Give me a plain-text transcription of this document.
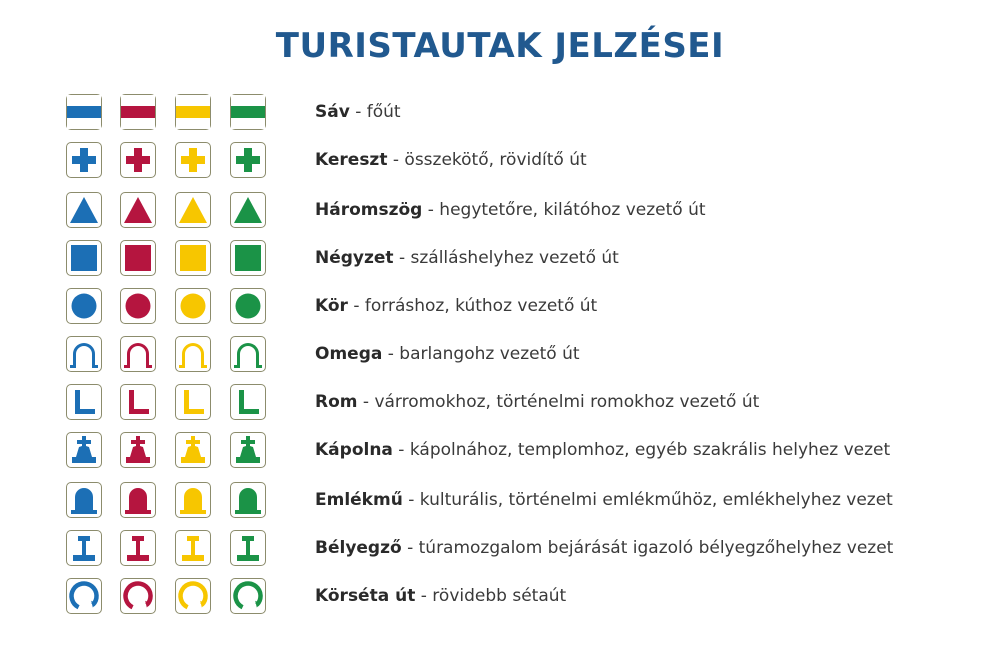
TURISTAUTAK JELZÉSEI
Sáv - főút
Kereszt - összekötő, rövidítő út
Háromszög - hegytetőre, kilátóhoz vezető út
Négyzet - szálláshelyhez vezető út
Kör - forráshoz, kúthoz vezető út
Omega - barlangohz vezető út
Rom - várromokhoz, történelmi romokhoz vezető út
Kápolna - kápolnához, templomhoz, egyéb szakrális helyhez vezet
Emlékmű - kulturális, történelmi emlékműhöz, emlékhelyhez vezet
Bélyegző - túramozgalom bejárását igazoló bélyegzőhelyhez vezet
Körséta út - rövidebb sétaút
